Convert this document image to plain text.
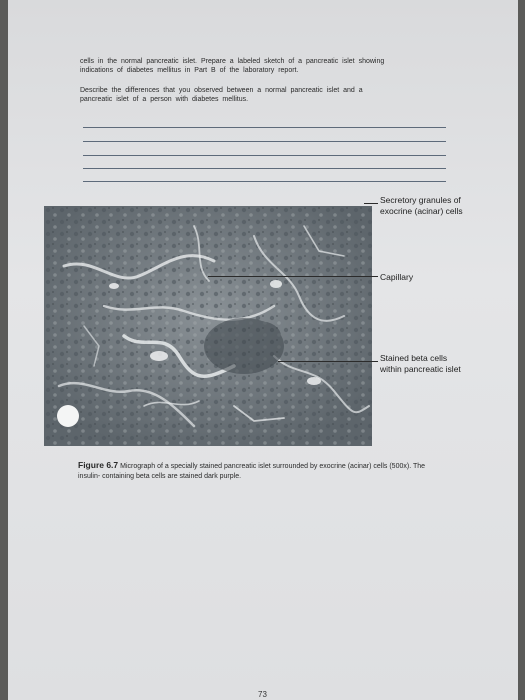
cells in the normal pancreatic islet. Prepare a labeled sketch of a pancreatic islet showing

indications of diabetes mellitus in Part B of the laboratory report.

Describe the differences that you observed between a normal pancreatic islet and a

pancreatic islet of a person with diabetes mellitus.

Secretory granules of
exocrine (acinar) cells
Capillary
Stained beta cells
within pancreatic islet
Figure 6.7 Micrograph of a specially stained pancreatic islet surrounded by exocrine (acinar) cells (500x). The
insulin- containing beta cells are stained dark purple.
73
